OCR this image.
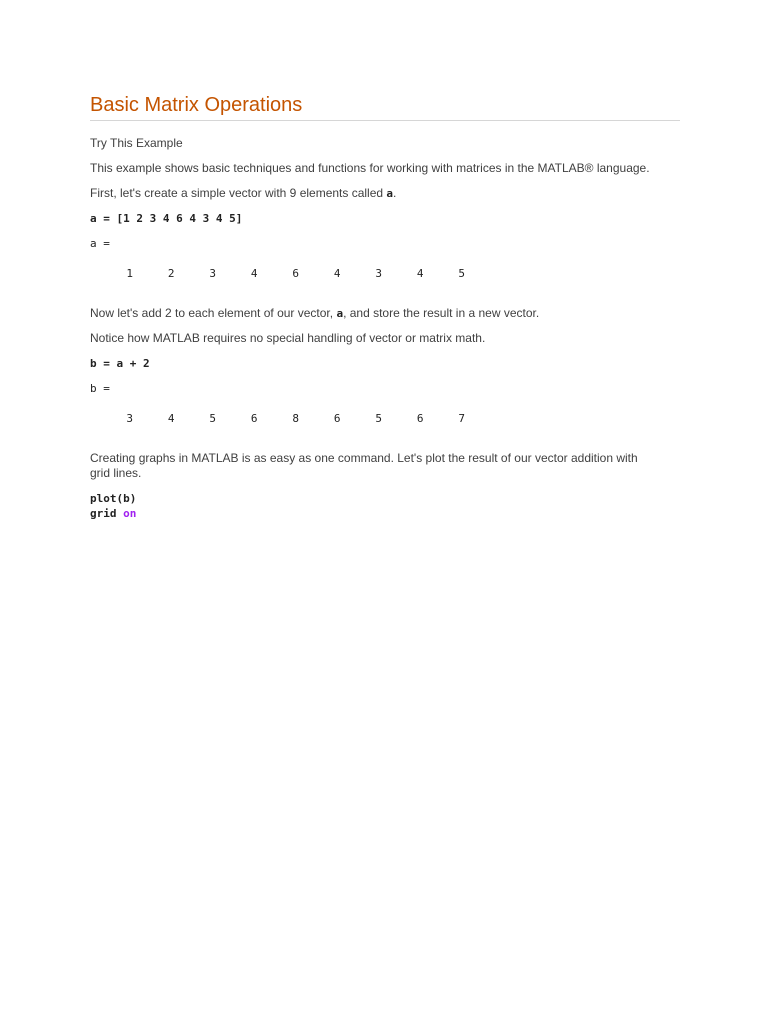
Basic Matrix Operations
Try This Example

This example shows basic techniques and functions for working with matrices in the MATLAB® language.

First, let's create a simple vector with 9 elements called a.

a = [1 2 3 4 6 4 3 4 5]
a =
1	2	3	4	6	4	3	4	5

Now let's add 2 to each element of our vector, a, and store the result in a new vector.

Notice how MATLAB requires no special handling of vector or matrix math.

b = a + 2
b =
3	4	5	6	8	6	5	6	7

Creating graphs in MATLAB is as easy as one command. Let's plot the result of our vector addition with
grid lines.

plot(b)
grid on
